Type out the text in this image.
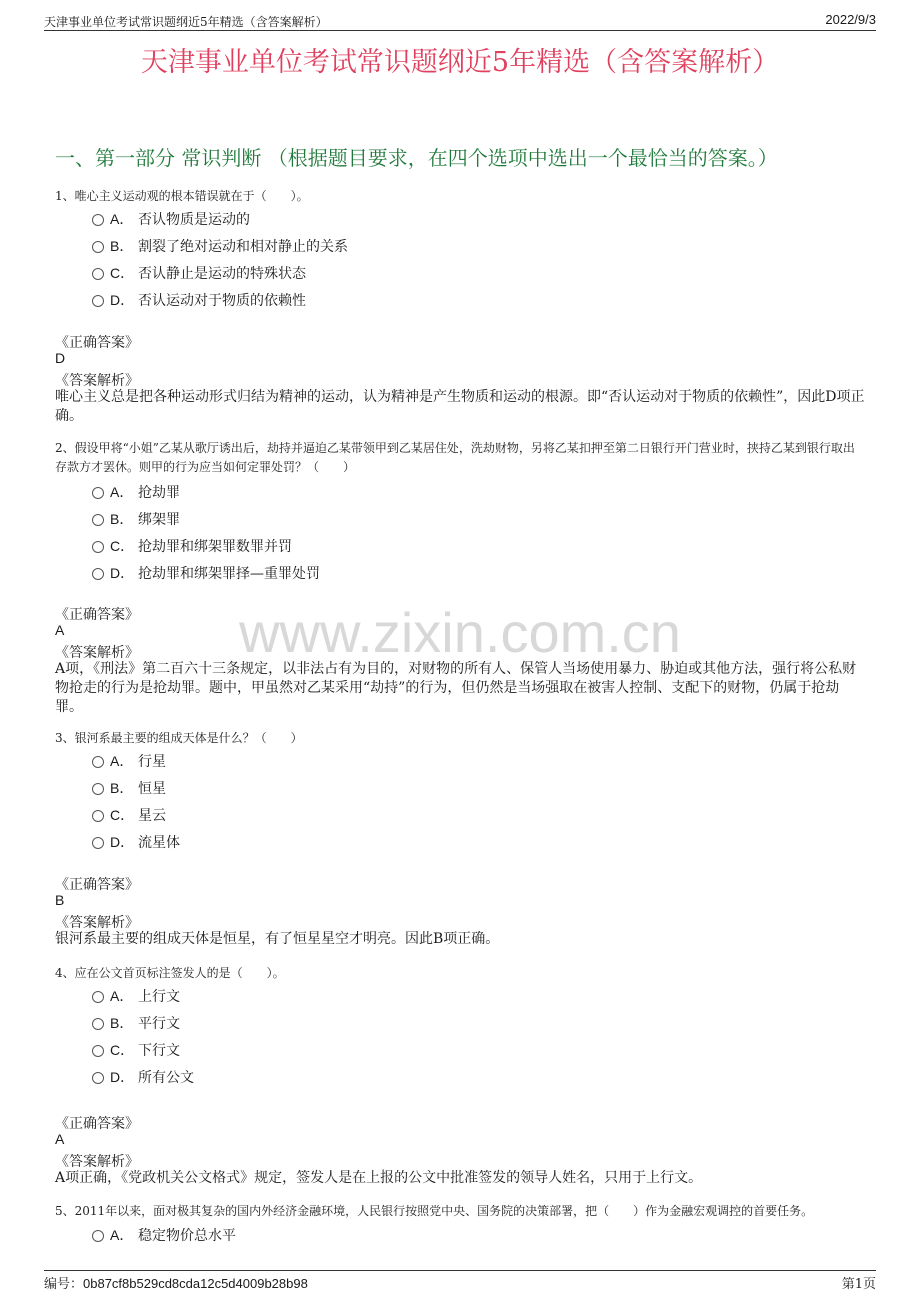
天津事业单位考试常识题纲近5年精选（含答案解析）	2022/9/3
天津事业单位考试常识题纲近5年精选（含答案解析）
一、第一部分 常识判断 （根据题目要求，在四个选项中选出一个最恰当的答案。）
www.zixin.com.cn
1、唯心主义运动观的根本错误就在于（　　）。
A． 否认物质是运动的
B． 割裂了绝对运动和相对静止的关系
C． 否认静止是运动的特殊状态
D． 否认运动对于物质的依赖性
《正确答案》
D
《答案解析》
唯心主义总是把各种运动形式归结为精神的运动，认为精神是产生物质和运动的根源。即“否认运动对于物质的依赖性”，因此D项正确。
2、假设甲将“小姐”乙某从歌厅诱出后，劫持并逼迫乙某带领甲到乙某居住处，洗劫财物，另将乙某扣押至第二日银行开门营业时，挟持乙某到银行取出存款方才罢休。则甲的行为应当如何定罪处罚？（　　）
A． 抢劫罪
B． 绑架罪
C． 抢劫罪和绑架罪数罪并罚
D． 抢劫罪和绑架罪择—重罪处罚
《正确答案》
A
《答案解析》
A项，《刑法》第二百六十三条规定，以非法占有为目的，对财物的所有人、保管人当场使用暴力、胁迫或其他方法，强行将公私财物抢走的行为是抢劫罪。题中，甲虽然对乙某采用“劫持”的行为，但仍然是当场强取在被害人控制、支配下的财物，仍属于抢劫罪。
3、银河系最主要的组成天体是什么？（　　）
A． 行星
B． 恒星
C． 星云
D． 流星体
《正确答案》
B
《答案解析》
银河系最主要的组成天体是恒星，有了恒星星空才明亮。因此B项正确。
4、应在公文首页标注签发人的是（　　）。
A． 上行文
B． 平行文
C． 下行文
D． 所有公文
《正确答案》
A
《答案解析》
A项正确，《党政机关公文格式》规定，签发人是在上报的公文中批准签发的领导人姓名，只用于上行文。
5、2011年以来，面对极其复杂的国内外经济金融环境，人民银行按照党中央、国务院的决策部署，把（　　）作为金融宏观调控的首要任务。
A． 稳定物价总水平
编号：0b87cf8b529cd8cda12c5d4009b28b98	第1页
